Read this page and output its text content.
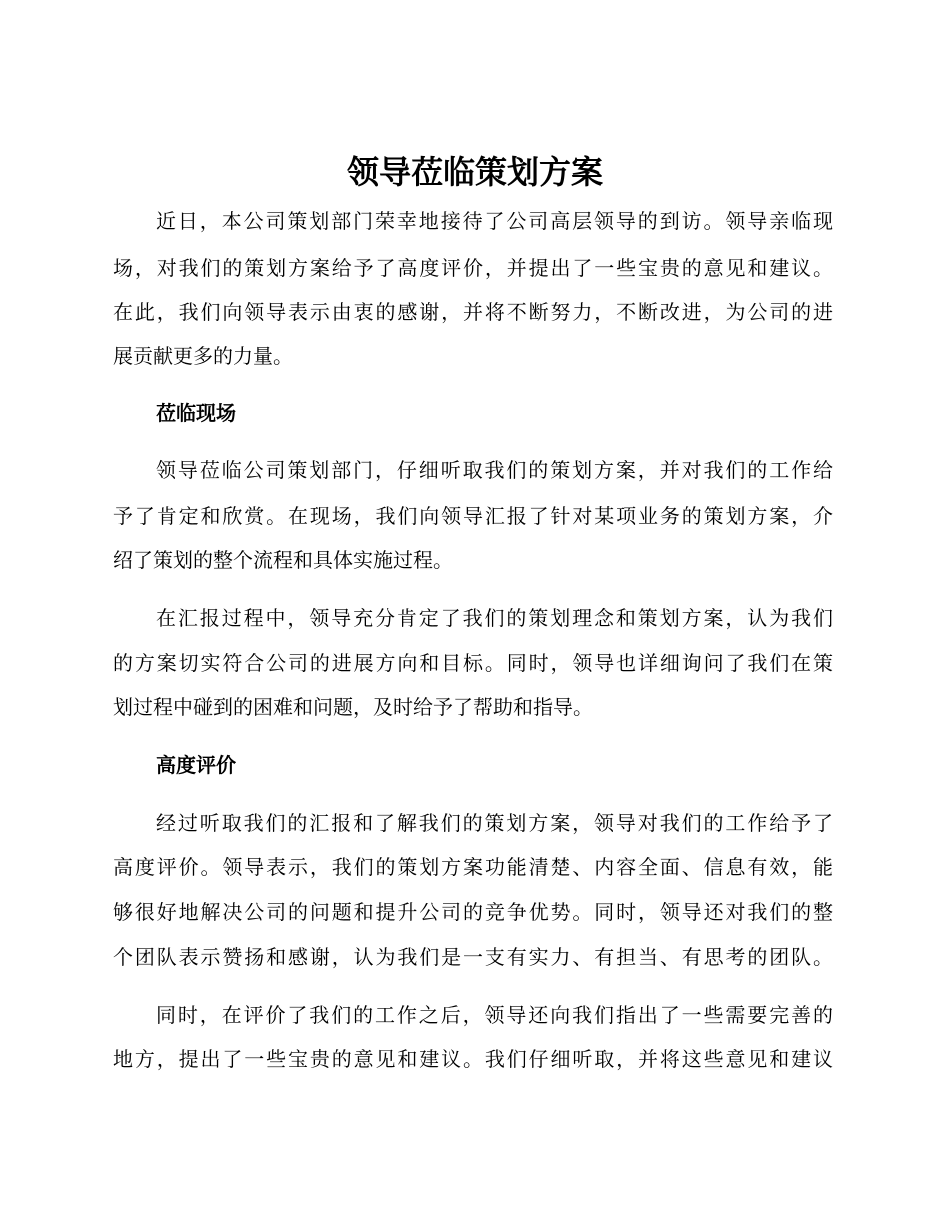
领导莅临策划方案

近日，本公司策划部门荣幸地接待了公司高层领导的到访。领导亲临现

场，对我们的策划方案给予了高度评价，并提出了一些宝贵的意见和建议。

在此，我们向领导表示由衷的感谢，并将不断努力，不断改进，为公司的进

展贡献更多的力量。

莅临现场

领导莅临公司策划部门，仔细听取我们的策划方案，并对我们的工作给

予了肯定和欣赏。在现场，我们向领导汇报了针对某项业务的策划方案，介

绍了策划的整个流程和具体实施过程。

在汇报过程中，领导充分肯定了我们的策划理念和策划方案，认为我们

的方案切实符合公司的进展方向和目标。同时，领导也详细询问了我们在策

划过程中碰到的困难和问题，及时给予了帮助和指导。

高度评价

经过听取我们的汇报和了解我们的策划方案，领导对我们的工作给予了

高度评价。领导表示，我们的策划方案功能清楚、内容全面、信息有效，能

够很好地解决公司的问题和提升公司的竞争优势。同时，领导还对我们的整

个团队表示赞扬和感谢，认为我们是一支有实力、有担当、有思考的团队。

同时，在评价了我们的工作之后，领导还向我们指出了一些需要完善的

地方，提出了一些宝贵的意见和建议。我们仔细听取，并将这些意见和建议
